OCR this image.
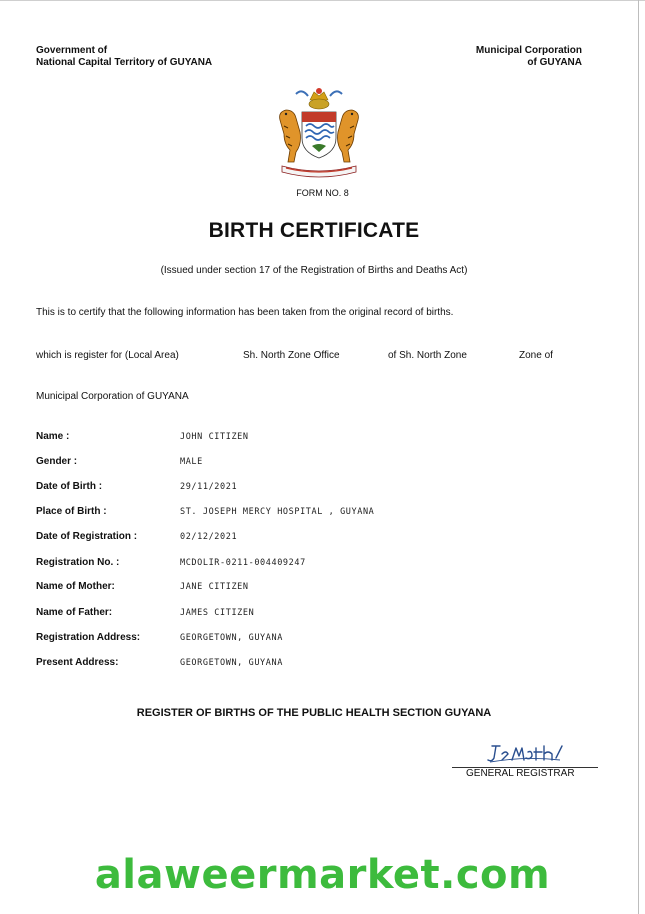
Government of
National Capital Territory of GUYANA
Municipal Corporation
of GUYANA
FORM NO. 8
BIRTH CERTIFICATE
(Issued under section 17 of the Registration of Births and Deaths Act)
This is to certify that the following information has been taken from the original record of births.
which is register for (Local Area)	Sh. North Zone Office	of Sh. North Zone	Zone of
Municipal Corporation of GUYANA
Name :	JOHN CITIZEN
Gender :	MALE
Date of Birth :	29/11/2021
Place of Birth :	ST. JOSEPH MERCY HOSPITAL , GUYANA
Date of Registration :	02/12/2021
Registration No. :	MCDOLIR-0211-004409247
Name of Mother:	JANE CITIZEN
Name of Father:	JAMES CITIZEN
Registration Address:	GEORGETOWN, GUYANA
Present Address:	GEORGETOWN, GUYANA
REGISTER OF BIRTHS OF THE PUBLIC HEALTH SECTION GUYANA
GENERAL REGISTRAR
alaweermarket.com
